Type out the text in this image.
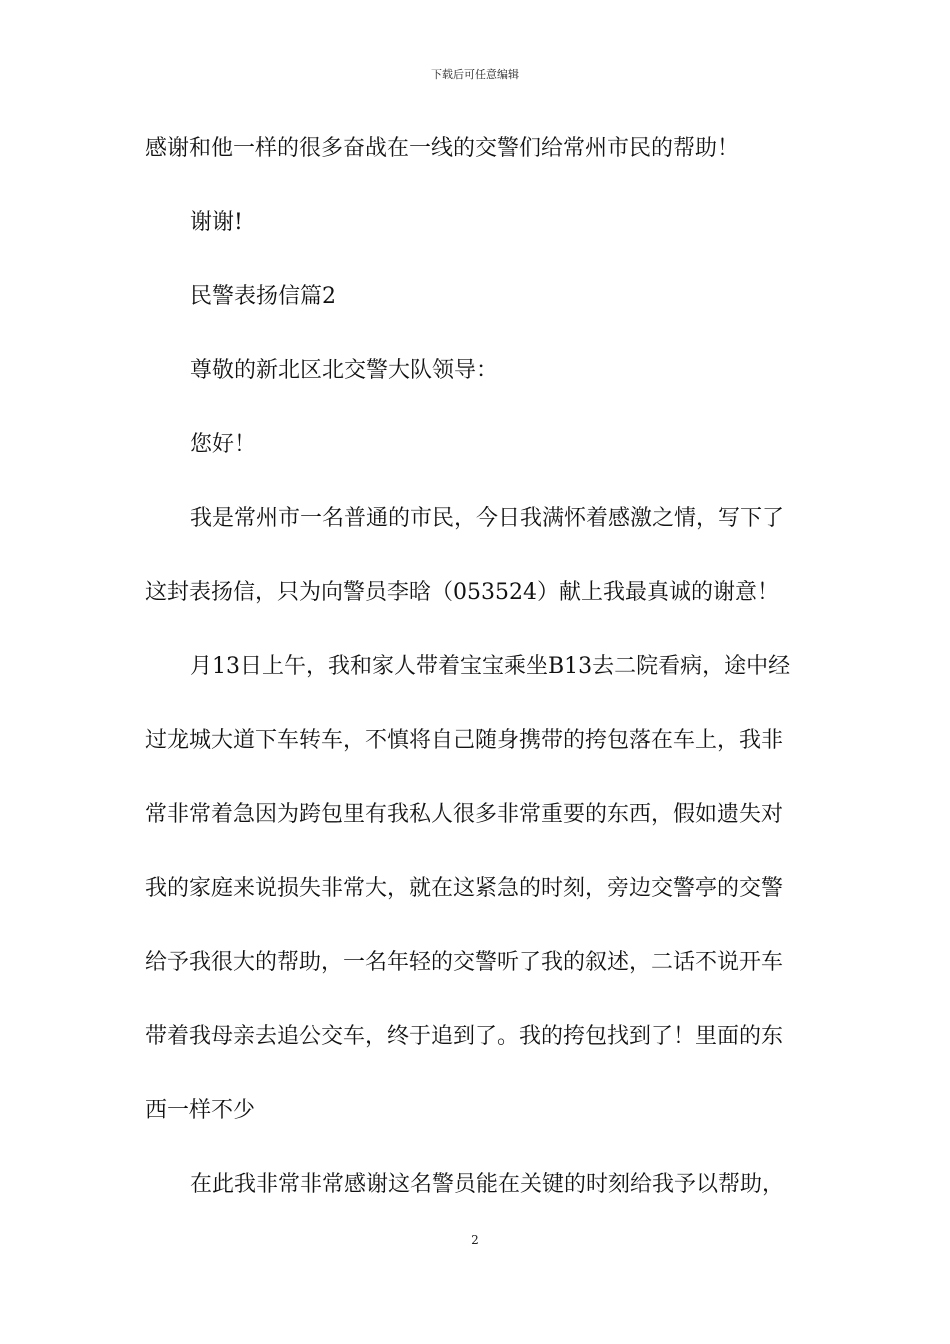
下载后可任意编辑
感谢和他一样的很多奋战在一线的交警们给常州市民的帮助！
谢谢!
民警表扬信篇2
尊敬的新北区北交警大队领导：
您好！
我是常州市一名普通的市民，今日我满怀着感激之情，写下了
这封表扬信，只为向警员李晗（053524）献上我最真诚的谢意！
月13日上午，我和家人带着宝宝乘坐B13去二院看病，途中经
过龙城大道下车转车，不慎将自己随身携带的挎包落在车上，我非
常非常着急因为跨包里有我私人很多非常重要的东西，假如遗失对
我的家庭来说损失非常大，就在这紧急的时刻，旁边交警亭的交警
给予我很大的帮助，一名年轻的交警听了我的叙述，二话不说开车
带着我母亲去追公交车，终于追到了。我的挎包找到了！里面的东
西一样不少
在此我非常非常感谢这名警员能在关键的时刻给我予以帮助，
2
